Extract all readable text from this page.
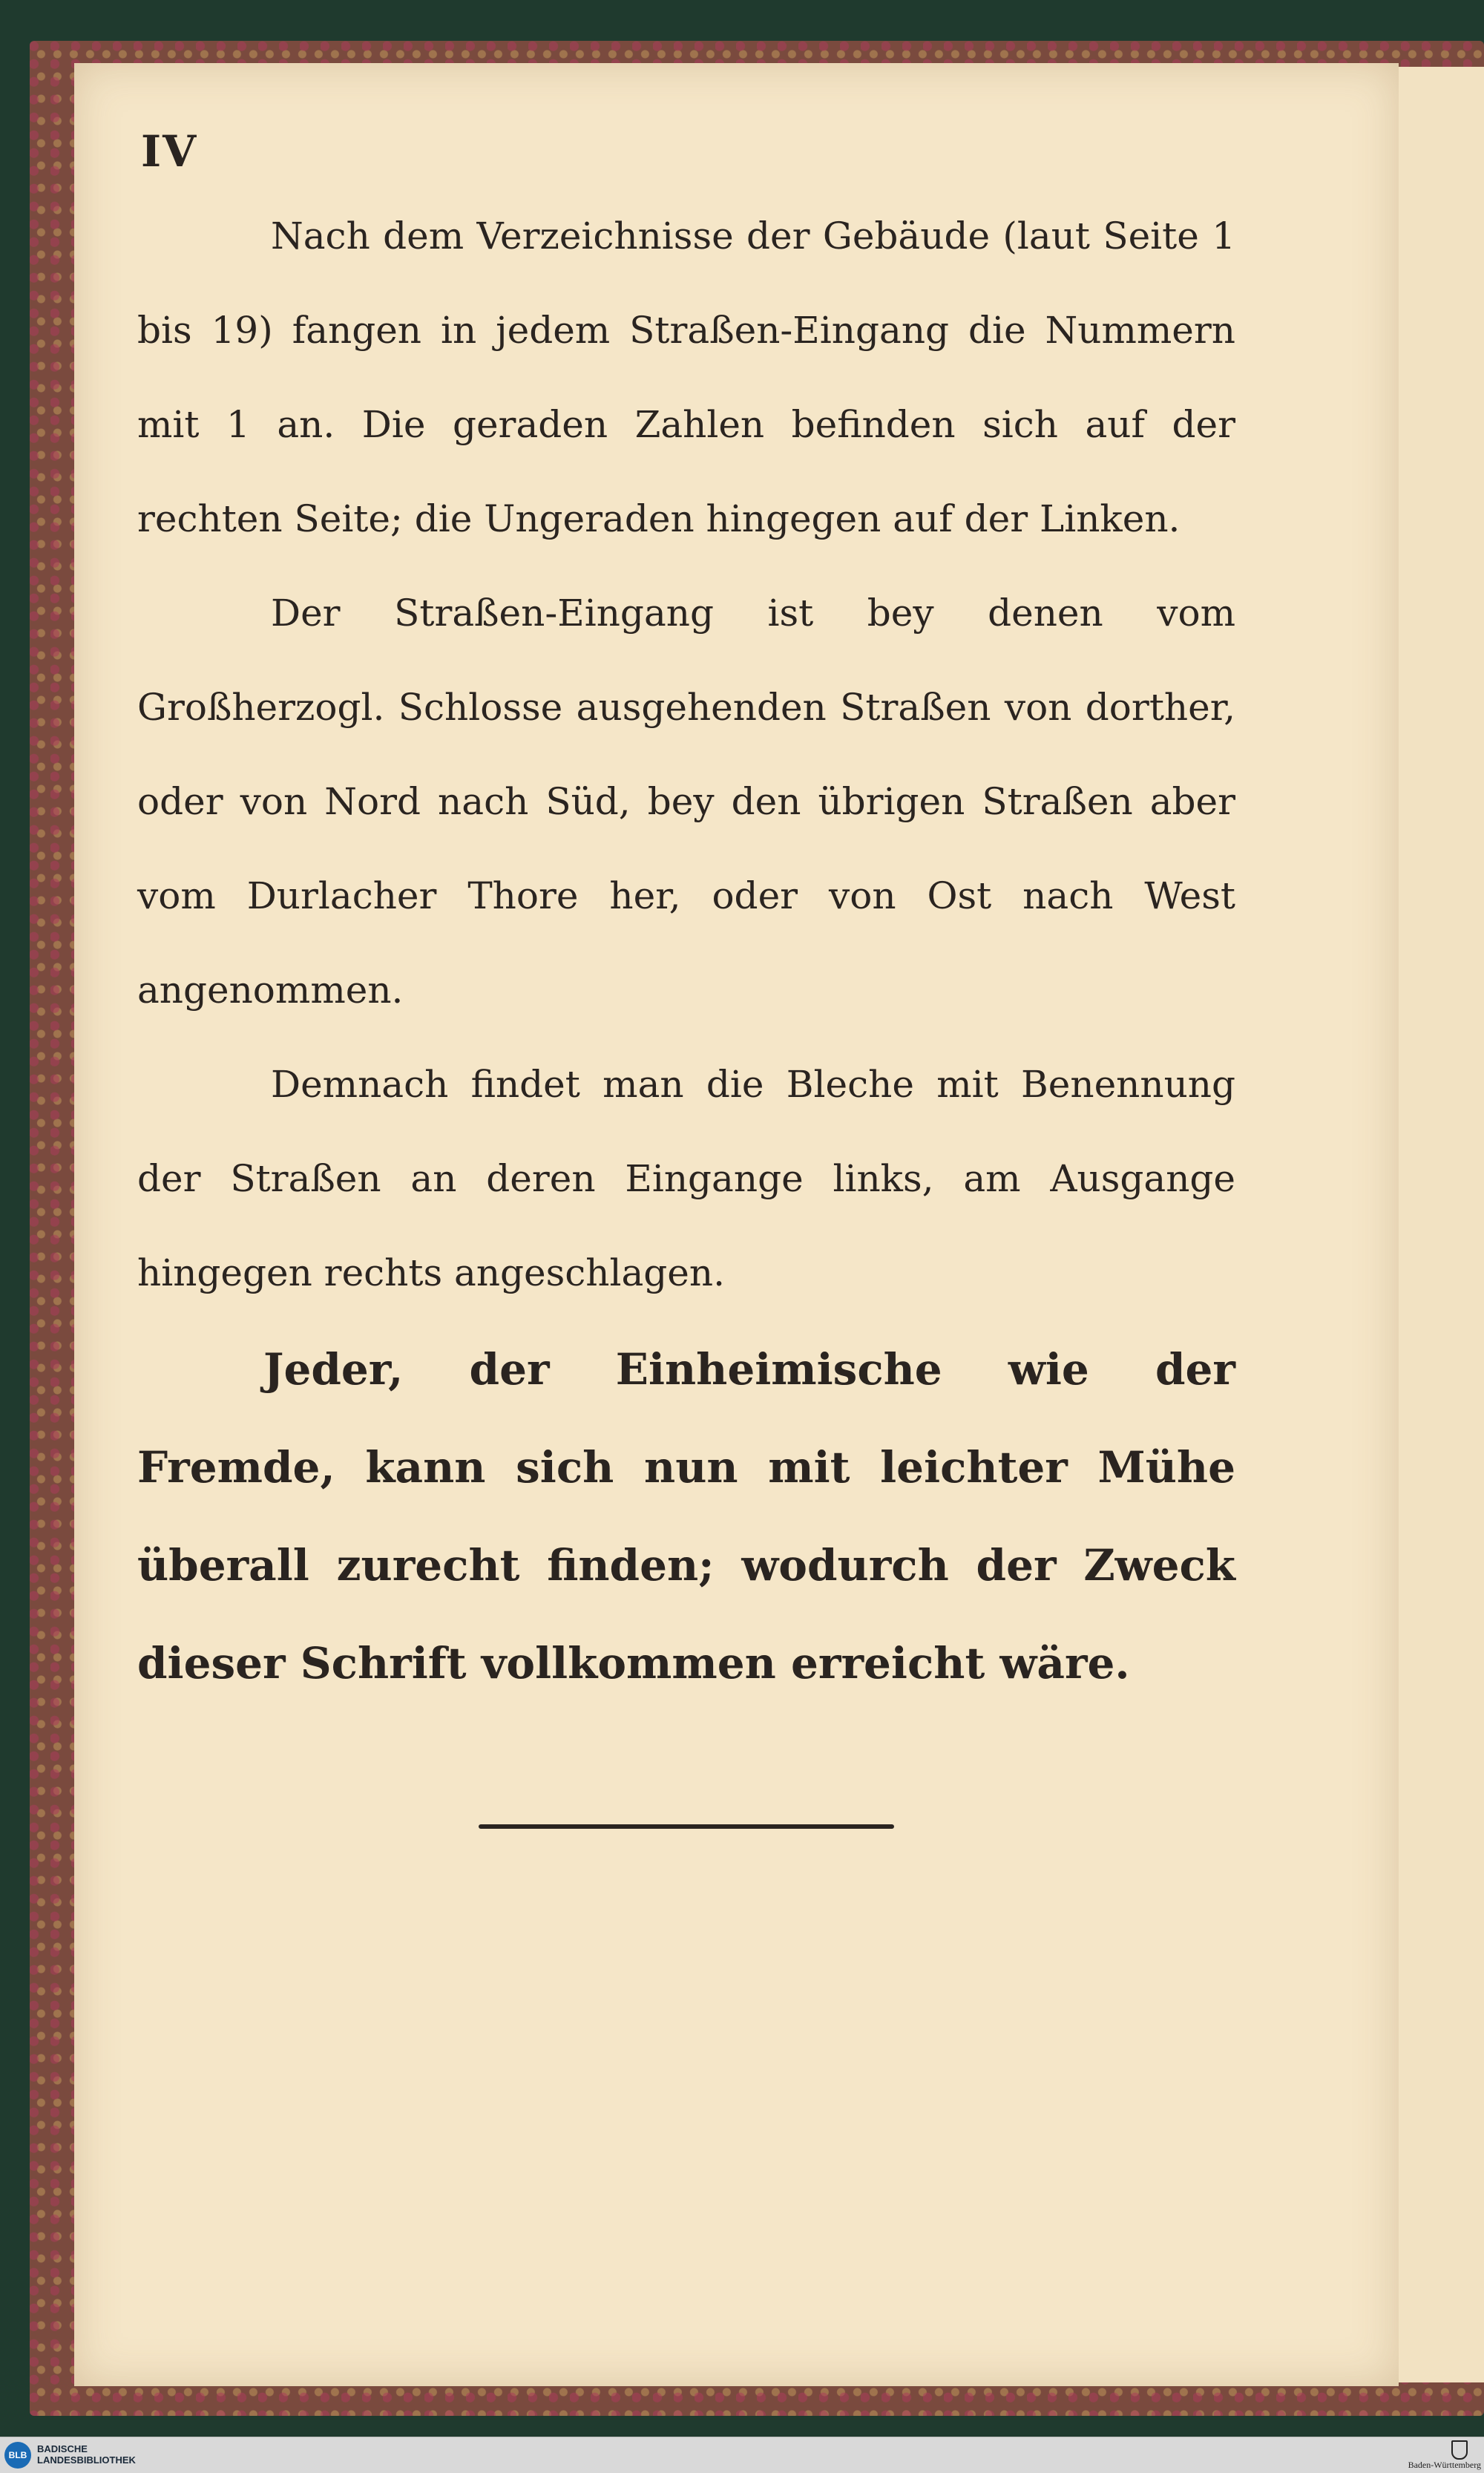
IV

Nach dem Verzeichnisse der Gebäude (laut Seite 1 bis 19) fangen in jedem Straßen-Eingang die Nummern mit 1 an. Die geraden Zahlen befinden sich auf der rechten Seite; die Ungeraden hingegen auf der Linken.

Der Straßen-Eingang ist bey denen vom Großherzogl. Schlosse ausgehenden Straßen von dorther, oder von Nord nach Süd, bey den übrigen Straßen aber vom Durlacher Thore her, oder von Ost nach West angenommen.

Demnach findet man die Bleche mit Benennung der Straßen an deren Eingange links, am Ausgange hingegen rechts angeschlagen.

Jeder, der Einheimische wie der Fremde, kann sich nun mit leichter Mühe überall zurecht finden; wodurch der Zweck dieser Schrift vollkommen erreicht wäre.

BLB
BADISCHE
LANDESBIBLIOTHEK	Baden-Württemberg
